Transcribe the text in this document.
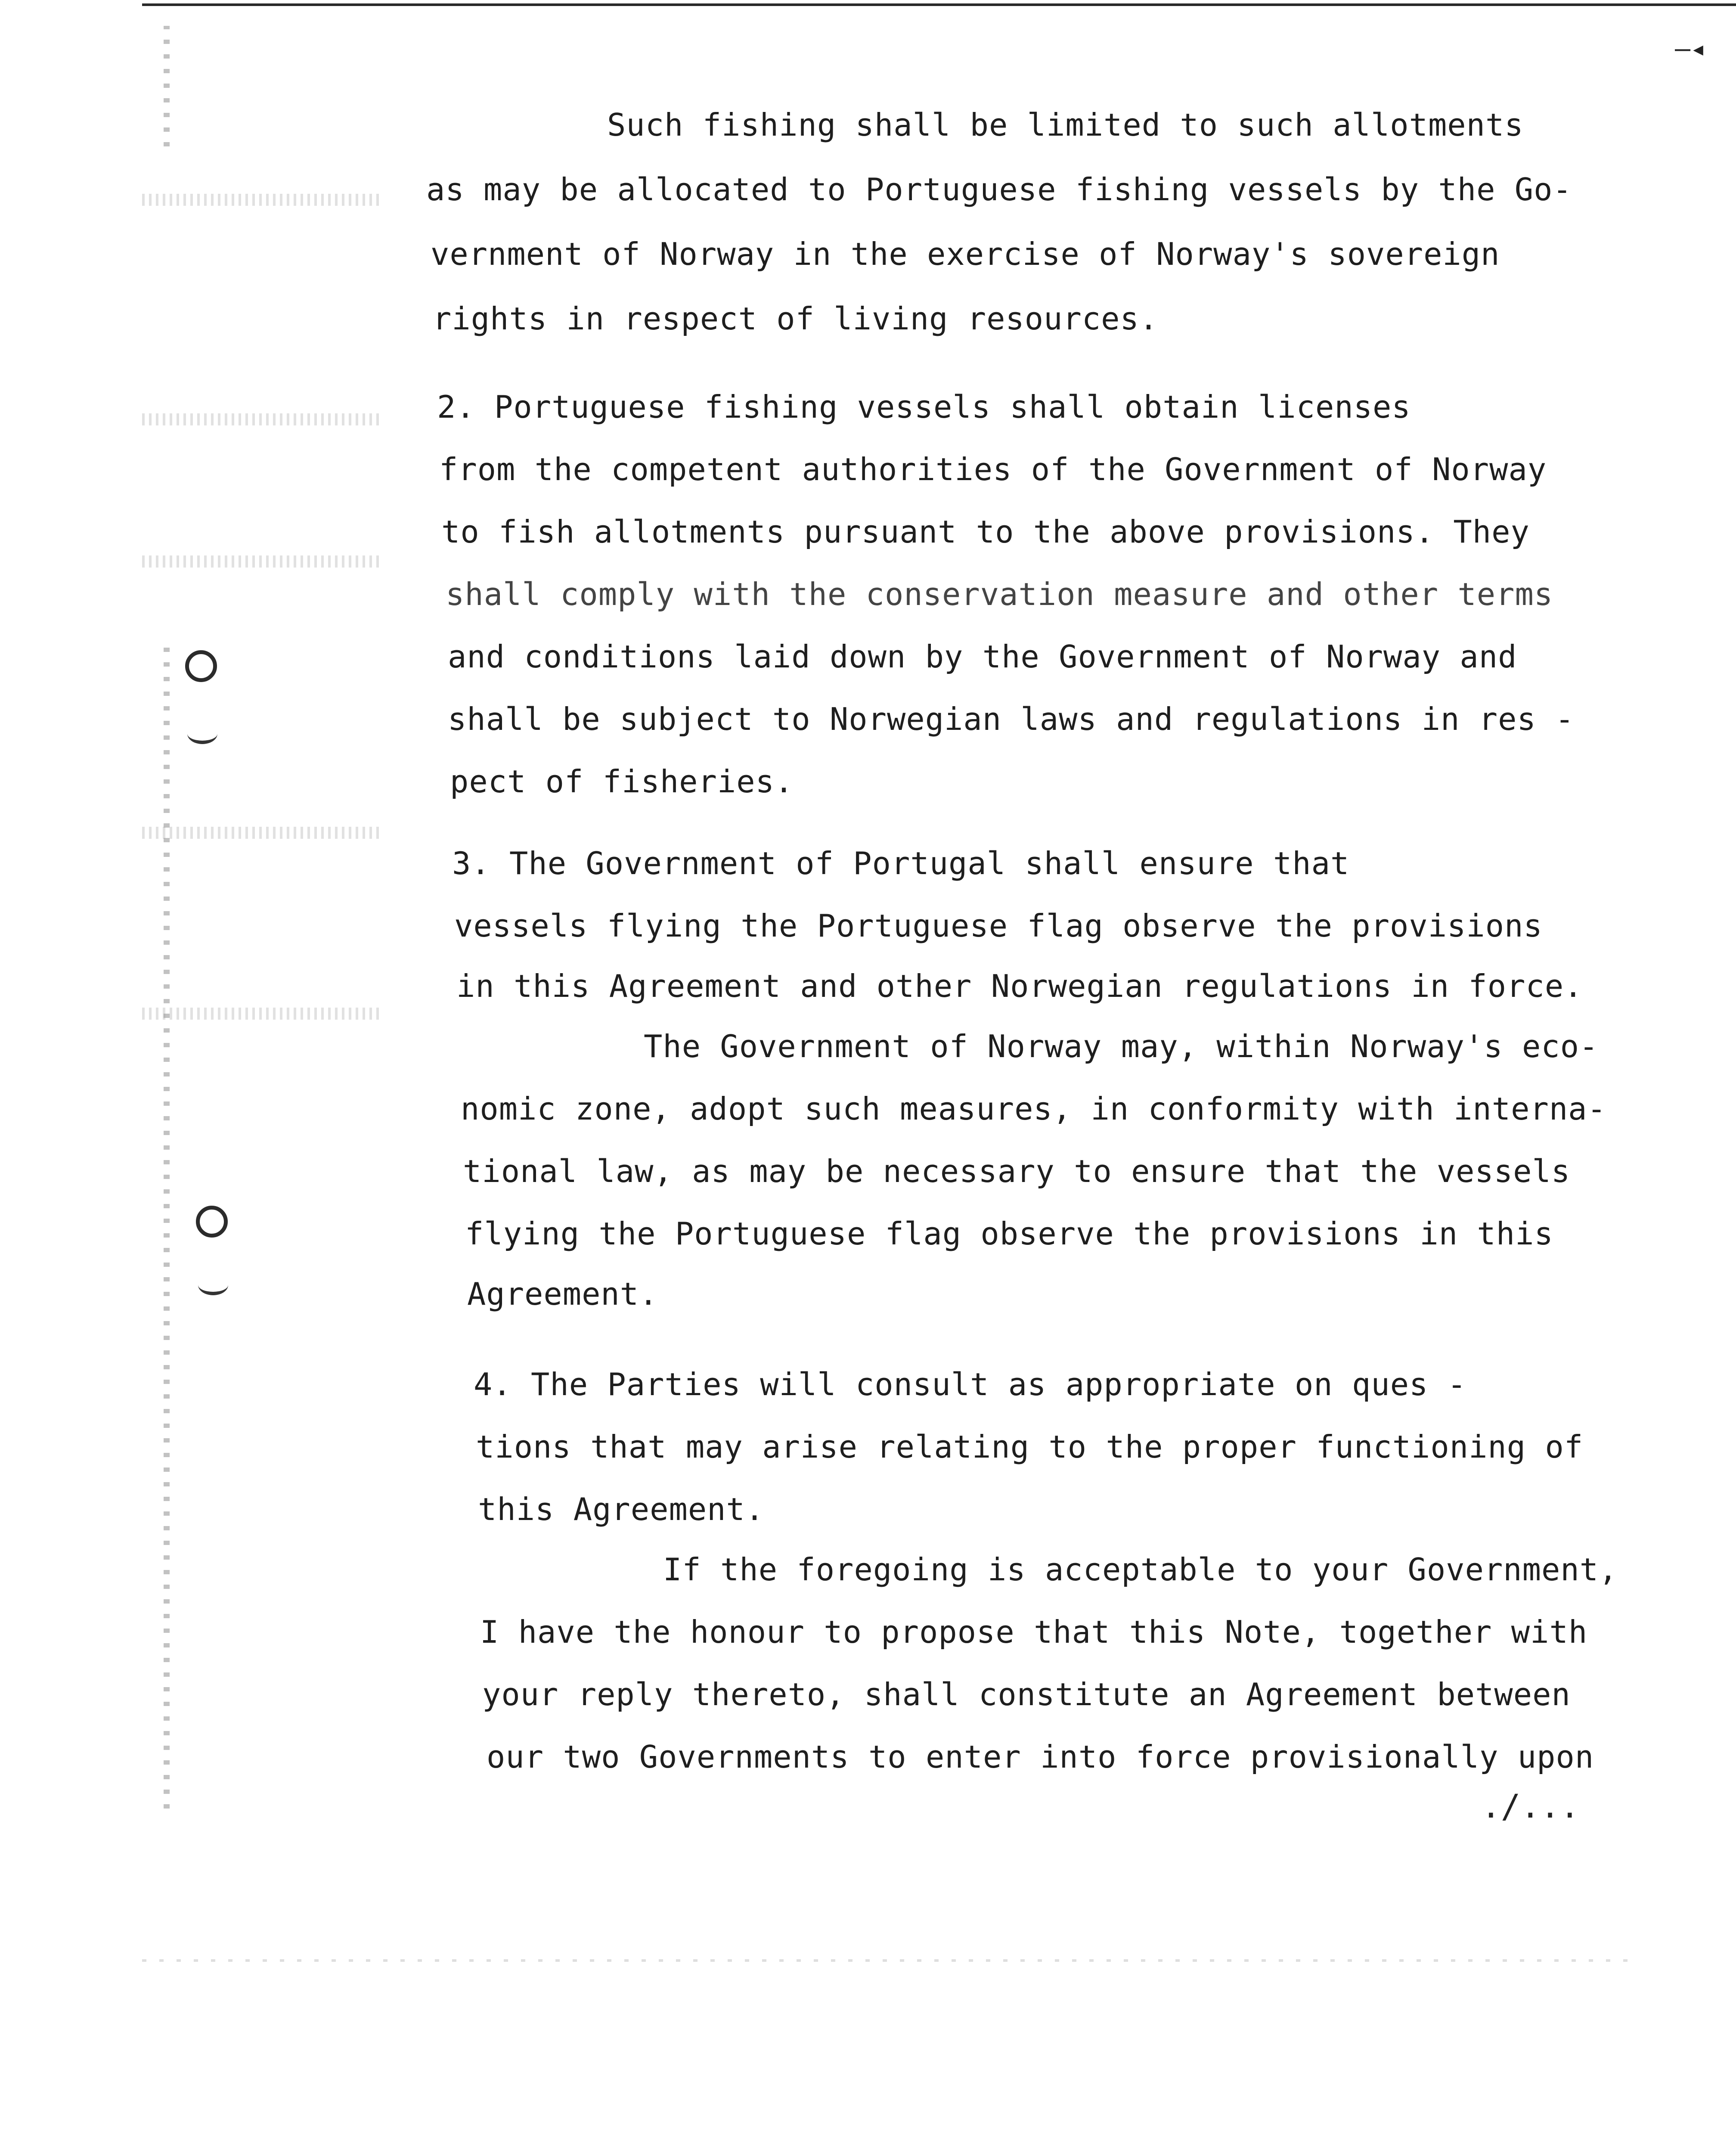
–◂
Such fishing shall be limited to such allotments
as may be allocated to Portuguese fishing vessels by the Go-
vernment of Norway in the exercise of Norway's sovereign
rights in respect of living resources.
2. Portuguese fishing vessels shall obtain licenses
from the competent authorities of the Government of Norway
to fish allotments pursuant to the above provisions. They
shall comply with the conservation measure and other terms
and conditions laid down by the Government of Norway and
shall be subject to Norwegian laws and regulations in res -
pect of fisheries.
3. The Government of Portugal shall ensure that
vessels flying the Portuguese flag observe the provisions
in this Agreement and other Norwegian regulations in force.
The Government of Norway may, within Norway's eco-
nomic zone, adopt such measures, in conformity with interna-
tional law, as may be necessary to ensure that the vessels
flying the Portuguese flag observe the provisions in this
Agreement.
4. The Parties will consult as appropriate on ques -
tions that may arise relating to the proper functioning of
this Agreement.
If the foregoing is acceptable to your Government,
I have the honour to propose that this Note, together with
your reply thereto, shall constitute an Agreement between
our two Governments to enter into force provisionally upon
./...
